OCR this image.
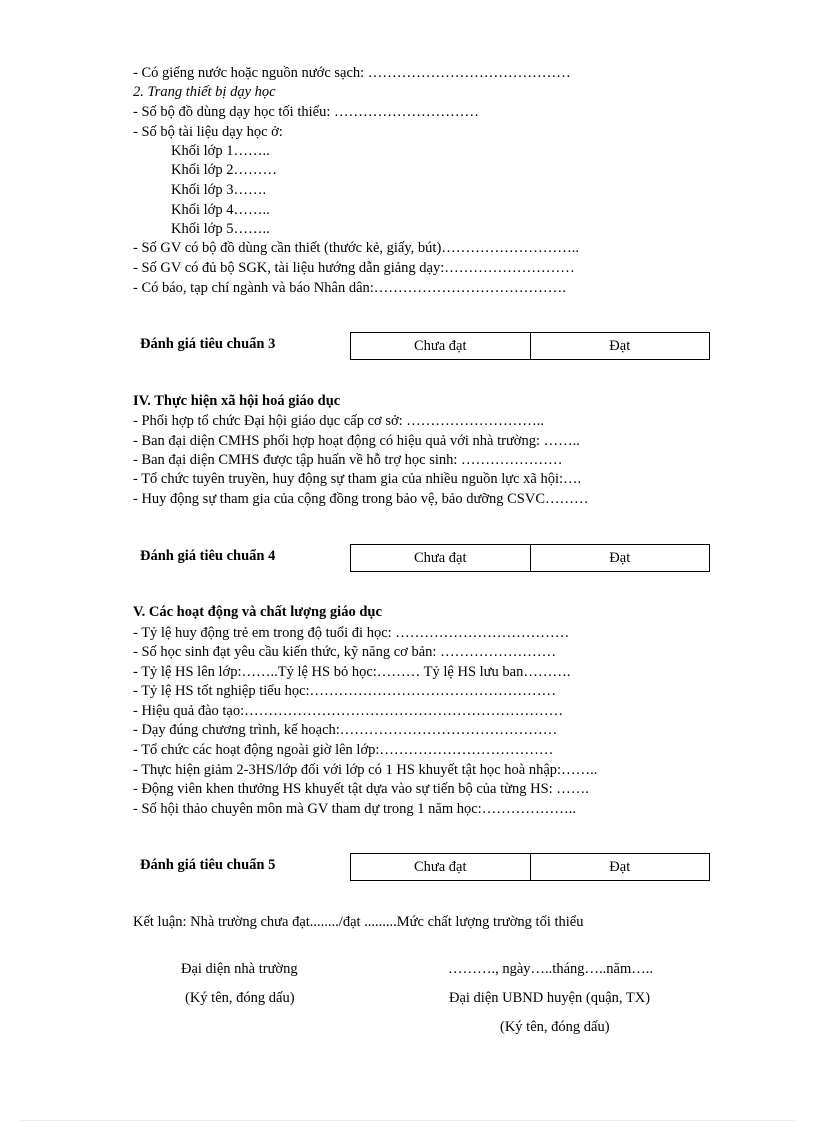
- Có giếng nước hoặc nguồn nước sạch: ……………………………………
2. Trang thiết bị dạy học
- Số bộ đồ dùng dạy học tối thiểu: …………………………
- Số bộ tài liệu dạy học ở:
Khối lớp 1……..
Khối lớp 2………
Khối lớp 3…….
Khối lớp 4……..
Khối lớp 5……..
- Số GV có bộ đồ dùng cần thiết (thước kẻ, giấy, bút)………………………..
- Số GV có đủ bộ SGK, tài liệu hướng dẫn giảng dạy:………………………
- Có báo, tạp chí ngành và báo Nhân dân:………………………………….
Đánh giá tiêu chuẩn 3	Chưa đạt	Đạt
IV. Thực hiện xã hội hoá giáo dục
- Phối hợp tổ chức Đại hội giáo dục cấp cơ sở: ………………………..
- Ban đại diện CMHS phối hợp hoạt động có hiệu quả với nhà trường: ……..
- Ban đại diện CMHS được tập huấn về hỗ trợ học sinh: …………………
- Tổ chức tuyên truyền, huy động sự tham gia của nhiều nguồn lực xã hội:….
- Huy động sự tham gia của cộng đồng trong bảo vệ, bảo dưỡng CSVC………
Đánh giá tiêu chuẩn 4	Chưa đạt	Đạt
V. Các hoạt động và chất lượng giáo dục
- Tỷ lệ huy động trẻ em trong độ tuổi đi học: ………………………………
- Số học sinh đạt yêu cầu kiến thức, kỹ năng cơ bản: ……………………
- Tỷ lệ HS lên lớp:……..Tỷ lệ HS bỏ học:……… Tỷ lệ HS lưu ban……….
- Tỷ lệ HS tốt nghiệp tiểu học:……………………………………………
- Hiệu quả đào tạo:…………………………………………………………
- Dạy đúng chương trình, kế hoạch:………………………………………
- Tổ chức các hoạt động ngoài giờ lên lớp:………………………………
- Thực hiện giảm 2-3HS/lớp đối với lớp có 1 HS khuyết tật học hoà nhập:……..
- Động viên khen thưởng HS khuyết tật dựa vào sự tiến bộ của từng HS: …….
- Số hội thảo chuyên môn mà GV tham dự trong 1 năm học:………………..
Đánh giá tiêu chuẩn 5	Chưa đạt	Đạt
Kết luận: Nhà trường chưa đạt......../đạt .........Mức chất lượng trường tối thiểu
Đại diện nhà trường
(Ký tên, đóng dấu)
………., ngày…..tháng…..năm…..
Đại diện UBND huyện (quận, TX)
(Ký tên, đóng dấu)
